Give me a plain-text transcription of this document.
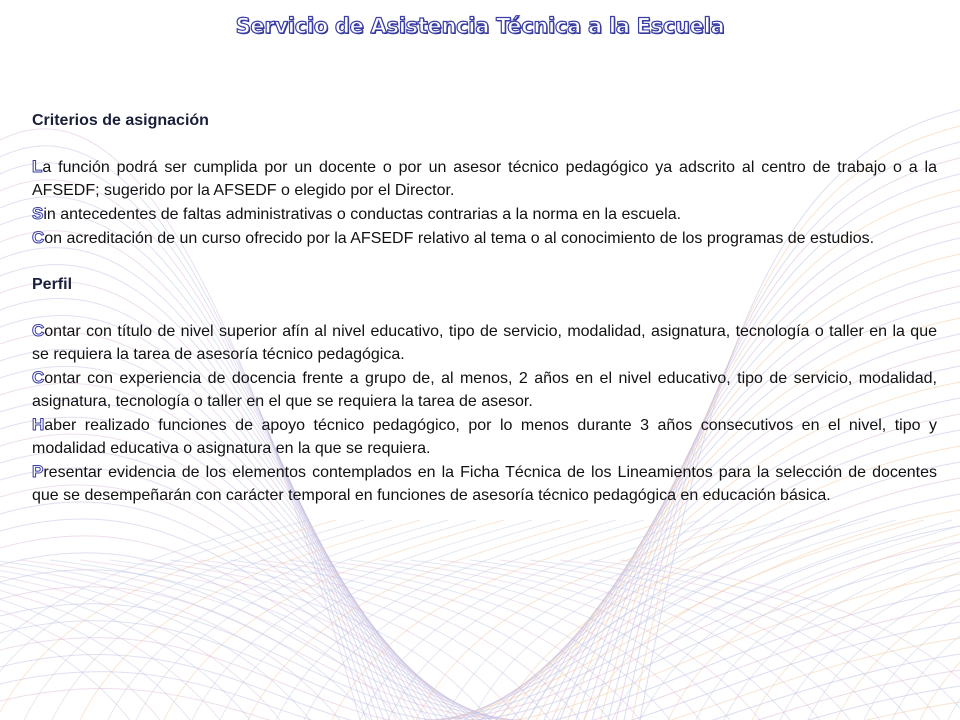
Servicio de Asistencia Técnica a la Escuela

Criterios de asignación

La función podrá ser cumplida por un docente o por un asesor técnico pedagógico ya adscrito al centro de trabajo o a la AFSEDF; sugerido por la AFSEDF o elegido por el Director.

Sin antecedentes de faltas administrativas o conductas contrarias a la norma en la escuela.

Con acreditación de un curso ofrecido por la AFSEDF relativo al tema o al conocimiento de los programas de estudios.

Perfil

Contar con título de nivel superior afín al nivel educativo, tipo de servicio, modalidad, asignatura, tecnología o taller en la que se requiera la tarea de asesoría técnico pedagógica.

Contar con experiencia de docencia frente a grupo de, al menos, 2 años en el nivel educativo, tipo de servicio, modalidad, asignatura, tecnología o taller en el que se requiera la tarea de asesor.

Haber realizado funciones de apoyo técnico pedagógico, por lo menos durante 3 años consecutivos en el nivel, tipo y modalidad educativa o asignatura en la que se requiera.

Presentar evidencia de los elementos contemplados en la Ficha Técnica de los Lineamientos para la selección de docentes que se desempeñarán con carácter temporal en funciones de asesoría técnico pedagógica en educación básica.
